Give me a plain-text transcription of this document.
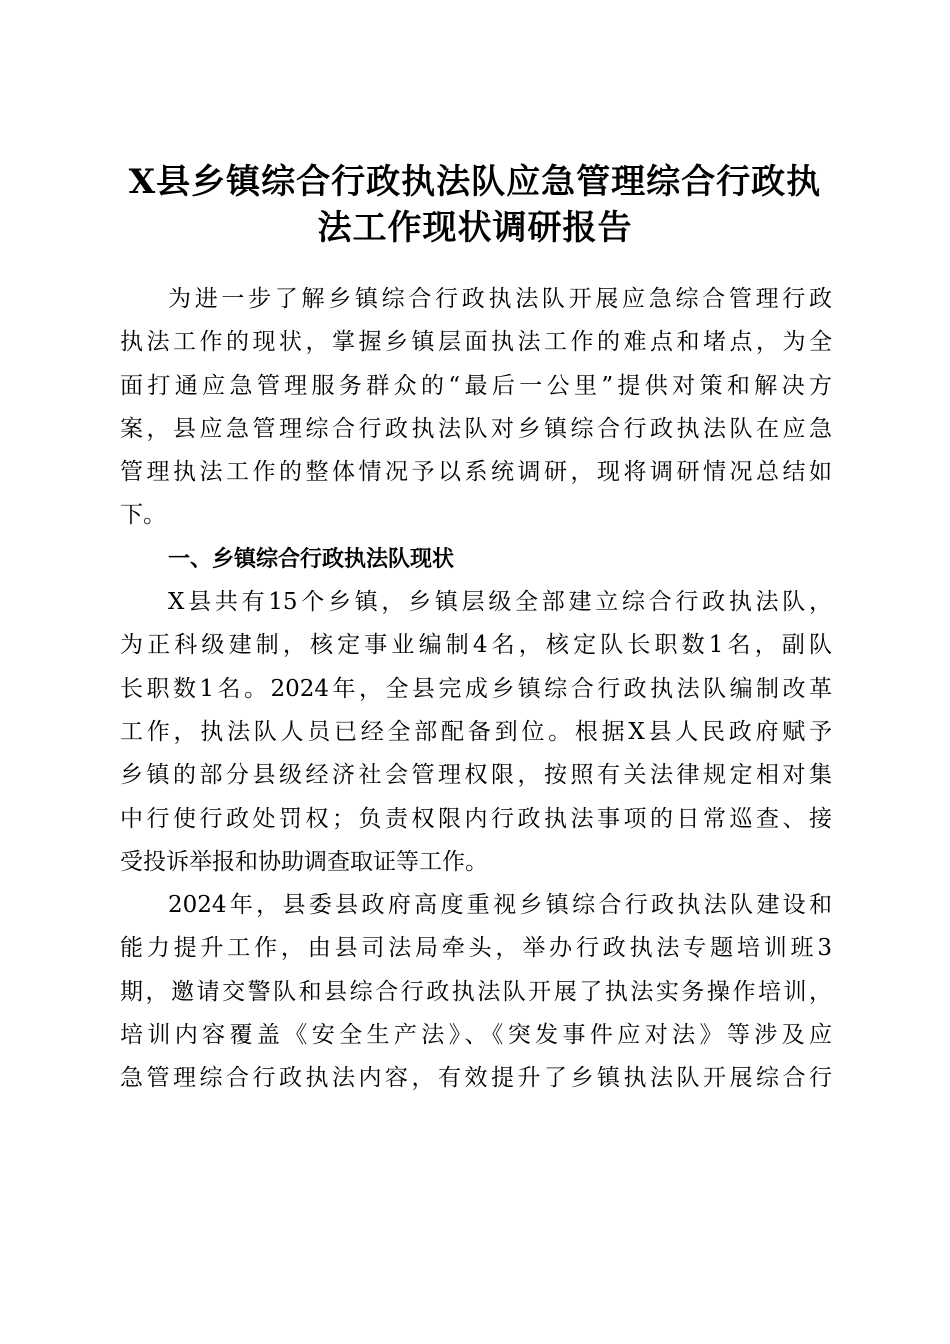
X县乡镇综合行政执法队应急管理综合行政执
法工作现状调研报告

为进一步了解乡镇综合行政执法队开展应急综合管理行政
执法工作的现状，掌握乡镇层面执法工作的难点和堵点，为全
面打通应急管理服务群众的“最后一公里”提供对策和解决方
案，县应急管理综合行政执法队对乡镇综合行政执法队在应急
管理执法工作的整体情况予以系统调研，现将调研情况总结如
下。

一、乡镇综合行政执法队现状

X县共有15个乡镇，乡镇层级全部建立综合行政执法队，
为正科级建制，核定事业编制4名，核定队长职数1名，副队
长职数1名。2024年，全县完成乡镇综合行政执法队编制改革
工作，执法队人员已经全部配备到位。根据X县人民政府赋予
乡镇的部分县级经济社会管理权限，按照有关法律规定相对集
中行使行政处罚权；负责权限内行政执法事项的日常巡查、接
受投诉举报和协助调查取证等工作。

2024年，县委县政府高度重视乡镇综合行政执法队建设和
能力提升工作，由县司法局牵头，举办行政执法专题培训班3
期，邀请交警队和县综合行政执法队开展了执法实务操作培训，
培训内容覆盖《安全生产法》、《突发事件应对法》等涉及应
急管理综合行政执法内容，有效提升了乡镇执法队开展综合行
